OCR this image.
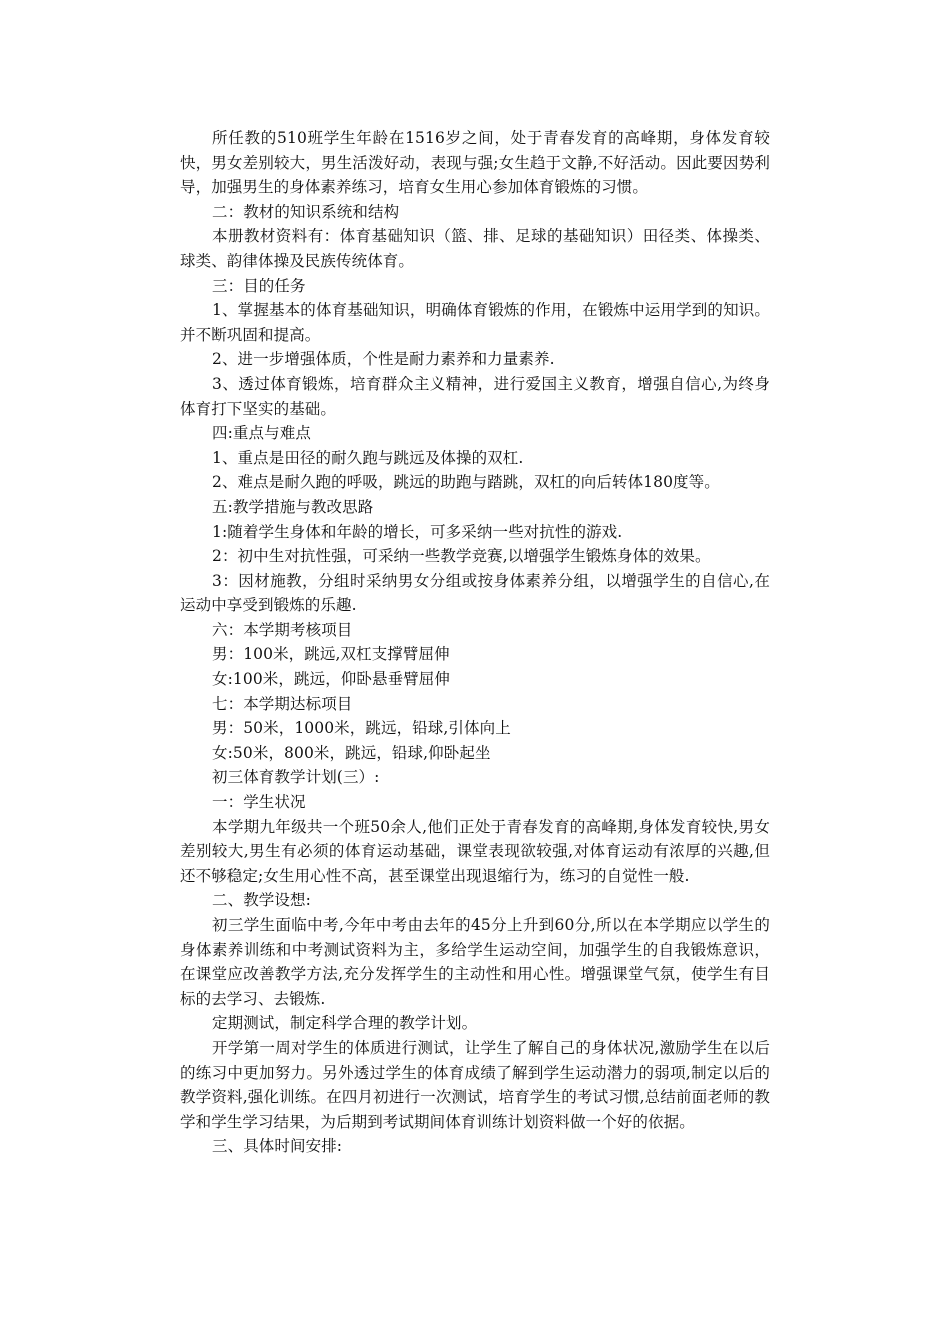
所任教的510班学生年龄在1516岁之间，处于青春发育的高峰期，身体发育较快，男女差别较大，男生活泼好动，表现与强;女生趋于文静,不好活动。因此要因势利导，加强男生的身体素养练习，培育女生用心参加体育锻炼的习惯。

二：教材的知识系统和结构

本册教材资料有：体育基础知识（篮、排、足球的基础知识）田径类、体操类、球类、韵律体操及民族传统体育。

三：目的任务

1、掌握基本的体育基础知识，明确体育锻炼的作用，在锻炼中运用学到的知识。并不断巩固和提高。

2、进一步增强体质，个性是耐力素养和力量素养.

3、透过体育锻炼，培育群众主义精神，进行爱国主义教育，增强自信心,为终身体育打下坚实的基础。

四:重点与难点

1、重点是田径的耐久跑与跳远及体操的双杠.

2、难点是耐久跑的呼吸，跳远的助跑与踏跳，双杠的向后转体180度等。

五:教学措施与教改思路

1:随着学生身体和年龄的增长，可多采纳一些对抗性的游戏.

2：初中生对抗性强，可采纳一些教学竞赛,以增强学生锻炼身体的效果。

3：因材施教，分组时采纳男女分组或按身体素养分组，以增强学生的自信心,在运动中享受到锻炼的乐趣.

六：本学期考核项目

男：100米，跳远,双杠支撑臂屈伸

女:100米，跳远，仰卧悬垂臂屈伸

七：本学期达标项目

男：50米，1000米，跳远，铅球,引体向上

女:50米，800米，跳远，铅球,仰卧起坐

初三体育教学计划(三）:

一：学生状况

本学期九年级共一个班50余人,他们正处于青春发育的高峰期,身体发育较快,男女差别较大,男生有必须的体育运动基础，课堂表现欲较强,对体育运动有浓厚的兴趣,但还不够稳定;女生用心性不高，甚至课堂出现退缩行为，练习的自觉性一般.

二、教学设想:

初三学生面临中考,今年中考由去年的45分上升到60分,所以在本学期应以学生的身体素养训练和中考测试资料为主，多给学生运动空间，加强学生的自我锻炼意识，在课堂应改善教学方法,充分发挥学生的主动性和用心性。增强课堂气氛，使学生有目标的去学习、去锻炼.

定期测试，制定科学合理的教学计划。

开学第一周对学生的体质进行测试，让学生了解自己的身体状况,激励学生在以后的练习中更加努力。另外透过学生的体育成绩了解到学生运动潜力的弱项,制定以后的教学资料,强化训练。在四月初进行一次测试，培育学生的考试习惯,总结前面老师的教学和学生学习结果，为后期到考试期间体育训练计划资料做一个好的依据。

三、具体时间安排:
